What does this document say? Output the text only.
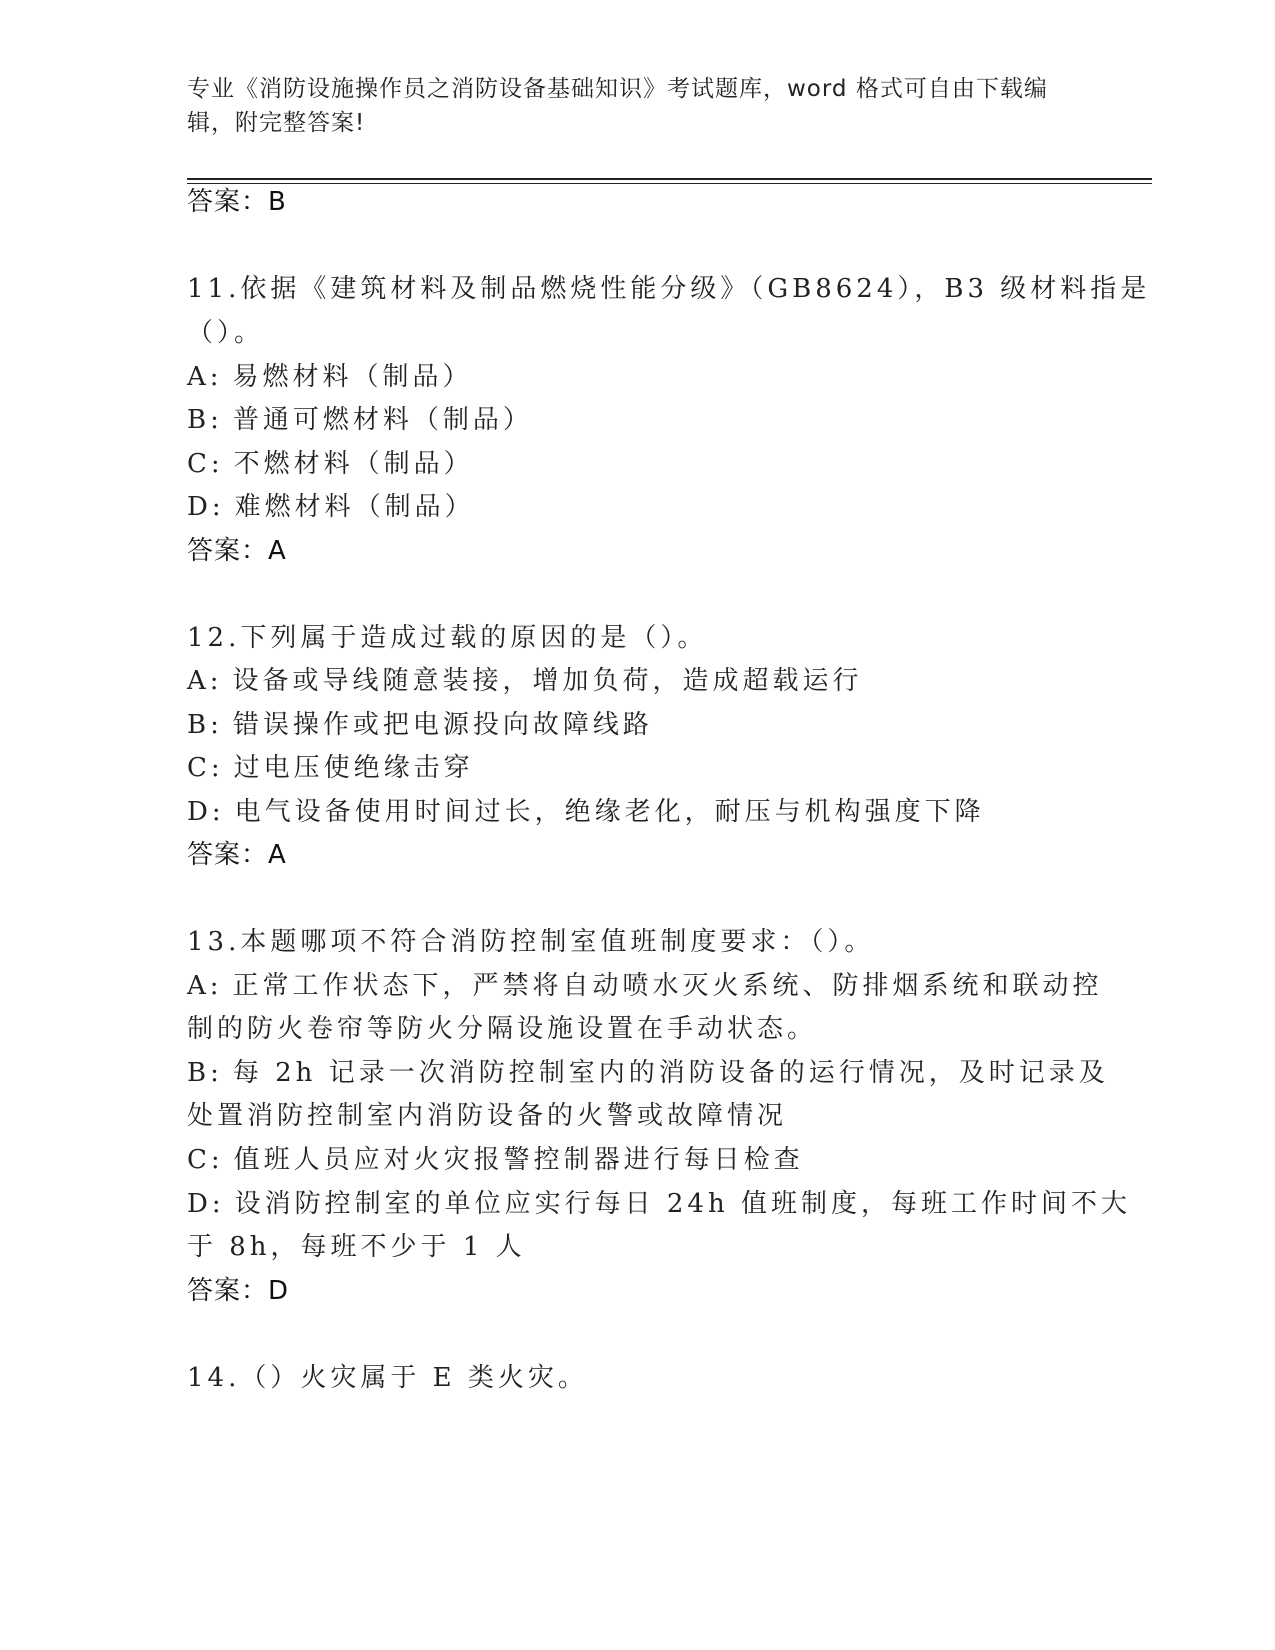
专业《消防设施操作员之消防设备基础知识》考试题库，word 格式可自由下载编
辑，附完整答案!
答案：B
11.依据《建筑材料及制品燃烧性能分级》（GB8624），B3 级材料指是
（）。
A: 易燃材料（制品）
B: 普通可燃材料（制品）
C: 不燃材料（制品）
D: 难燃材料（制品）
答案：A
12.下列属于造成过载的原因的是（）。
A: 设备或导线随意装接，增加负荷，造成超载运行
B: 错误操作或把电源投向故障线路
C: 过电压使绝缘击穿
D: 电气设备使用时间过长，绝缘老化，耐压与机构强度下降
答案：A
13.本题哪项不符合消防控制室值班制度要求：（）。
A: 正常工作状态下，严禁将自动喷水灭火系统、防排烟系统和联动控
制的防火卷帘等防火分隔设施设置在手动状态。
B: 每 2h 记录一次消防控制室内的消防设备的运行情况，及时记录及
处置消防控制室内消防设备的火警或故障情况
C: 值班人员应对火灾报警控制器进行每日检查
D: 设消防控制室的单位应实行每日 24h 值班制度，每班工作时间不大
于 8h，每班不少于 1 人
答案：D
14.（）火灾属于 E 类火灾。
